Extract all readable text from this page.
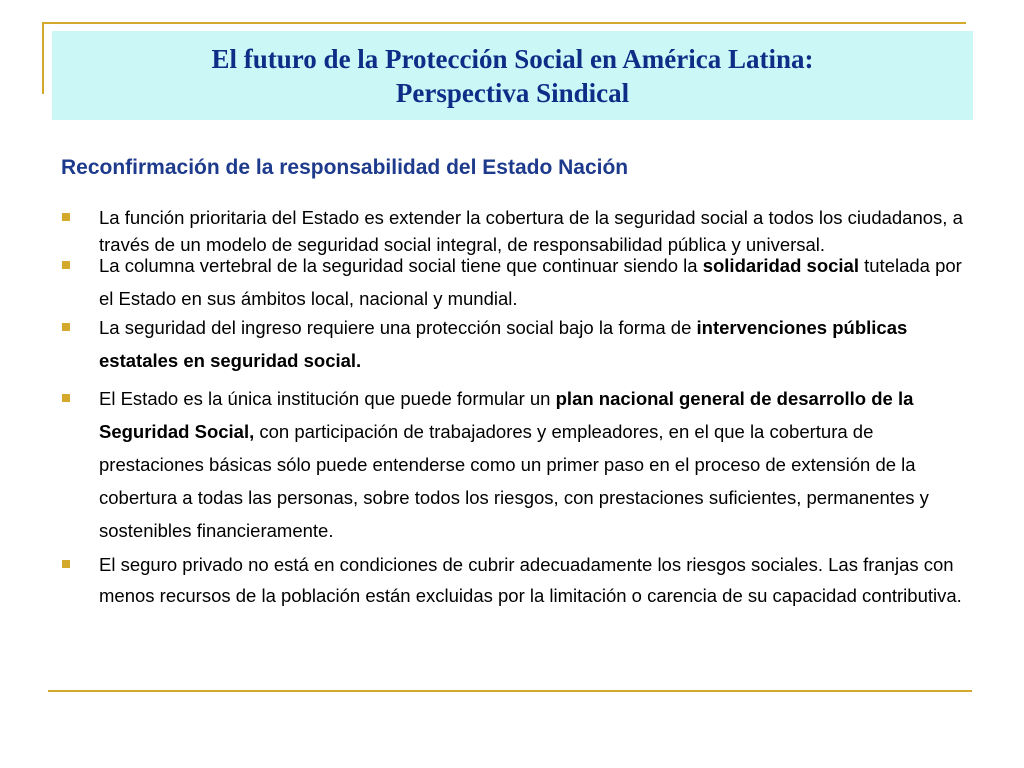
El futuro de la Protección Social en América Latina:
Perspectiva Sindical

Reconfirmación de la responsabilidad del Estado Nación

La función prioritaria del Estado es extender la cobertura de la seguridad social a todos los ciudadanos, a través de un modelo de seguridad social integral, de responsabilidad pública y universal.
La columna vertebral de la seguridad social tiene que continuar siendo la solidaridad social tutelada por el Estado en sus ámbitos local, nacional y mundial.
La seguridad del ingreso requiere una protección social bajo la forma de intervenciones públicas estatales en seguridad social.
El Estado es la única institución que puede formular un plan nacional general de desarrollo de la Seguridad Social, con participación de trabajadores y empleadores, en el que la cobertura de prestaciones básicas sólo puede entenderse como un primer paso en el proceso de extensión de la cobertura a todas las personas, sobre todos los riesgos, con prestaciones suficientes, permanentes y sostenibles financieramente.
El seguro privado no está en condiciones de cubrir adecuadamente los riesgos sociales. Las franjas con menos recursos de la población están excluidas por la limitación o carencia de su capacidad contributiva.
